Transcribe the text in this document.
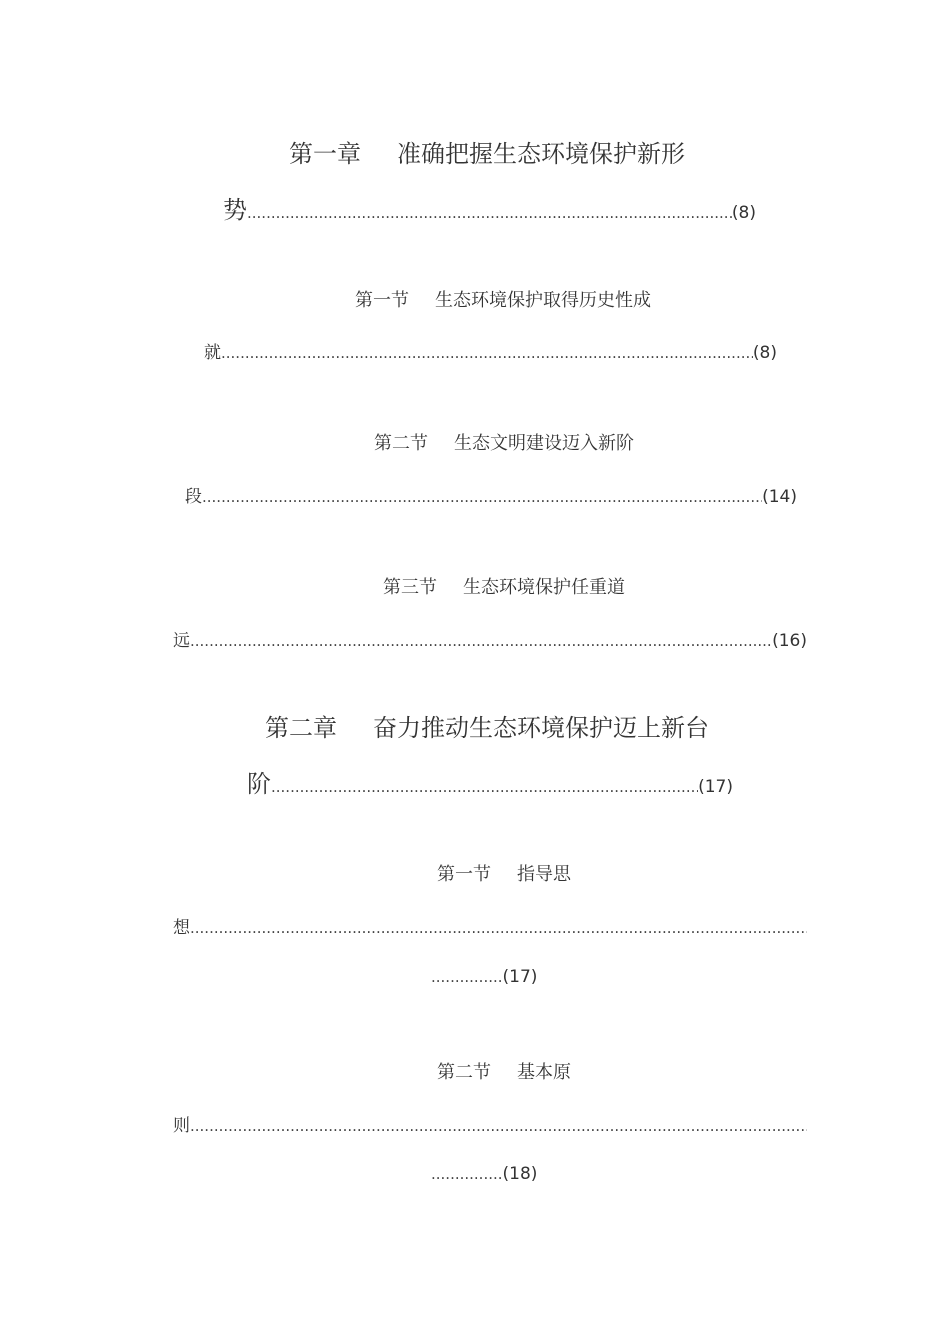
第一章 准确把握生态环境保护新形
势 .....	(8)
第一节 生态环境保护取得历史性成
就 .....	(8)
第二节 生态文明建设迈入新阶
段 .....	(14)
第三节 生态环境保护任重道
远 .....	(16)
第二章 奋力推动生态环境保护迈上新台
阶 .....	(17)
第一节 指导思
想
.....
............... (17)
第二节 基本原
则
.....
............... (18)
